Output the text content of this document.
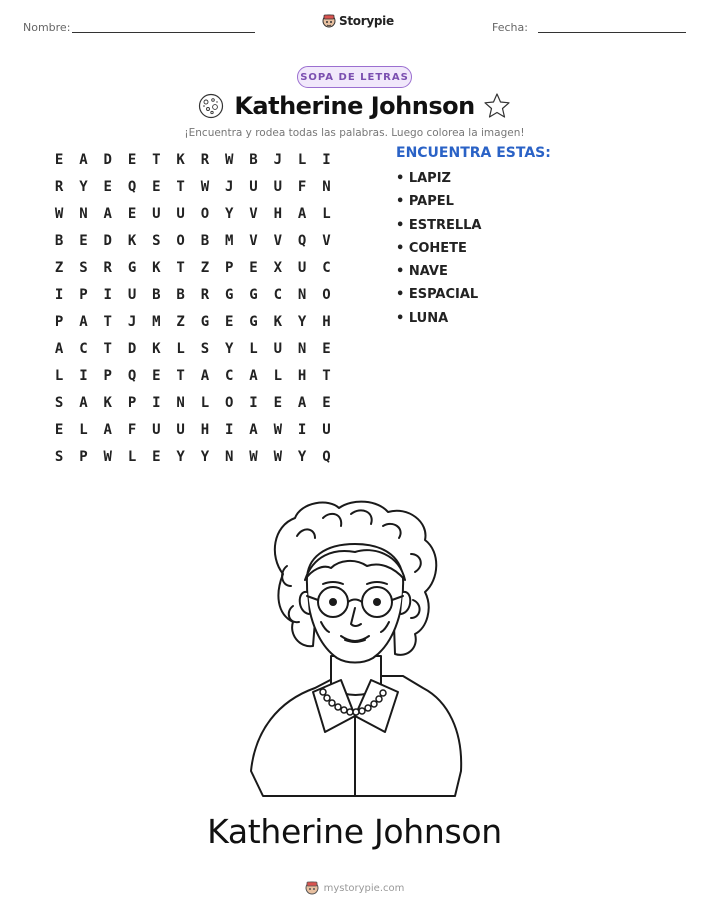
Nombre:	Storypie	Fecha:
SOPA DE LETRAS
Katherine Johnson
¡Encuentra y rodea todas las palabras. Luego colorea la imagen!
E	A	D	E	T	K	R	W	B	J	L	I
R	Y	E	Q	E	T	W	J	U	U	F	N
W	N	A	E	U	U	O	Y	V	H	A	L
B	E	D	K	S	O	B	M	V	V	Q	V
Z	S	R	G	K	T	Z	P	E	X	U	C
I	P	I	U	B	B	R	G	G	C	N	O
P	A	T	J	M	Z	G	E	G	K	Y	H
A	C	T	D	K	L	S	Y	L	U	N	E
L	I	P	Q	E	T	A	C	A	L	H	T
S	A	K	P	I	N	L	O	I	E	A	E
E	L	A	F	U	U	H	I	A	W	I	U
S	P	W	L	E	Y	Y	N	W	W	Y	Q
ENCUENTRA ESTAS:
• LAPIZ
• PAPEL
• ESTRELLA
• COHETE
• NAVE
• ESPACIAL
• LUNA
Katherine Johnson
mystorypie.com
